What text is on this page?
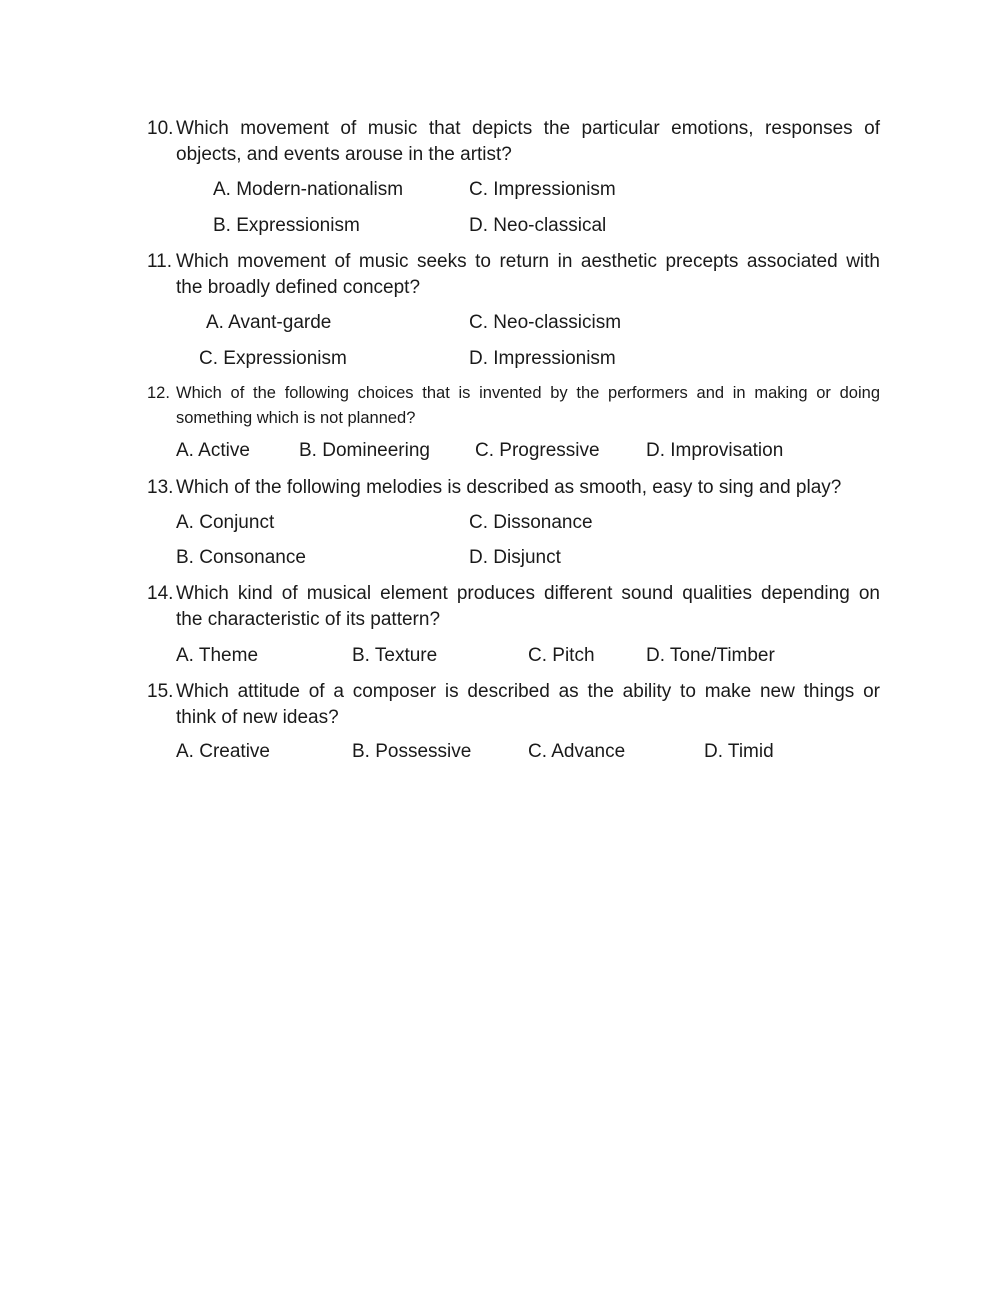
10. Which movement of music that depicts the particular emotions, responses of
objects, and events arouse in the artist?
A. Modern-nationalism	C. Impressionism
B. Expressionism	D. Neo-classical
11. Which movement of music seeks to return in aesthetic precepts associated with
the broadly defined concept?
A. Avant-garde	C. Neo-classicism
C. Expressionism	D. Impressionism
12. Which of the following choices that is invented by the performers and in making or doing
something which is not planned?
A. Active	B. Domineering C. Progressive D. Improvisation
13. Which of the following melodies is described as smooth, easy to sing and play?
A. Conjunct	C. Dissonance
B. Consonance	D. Disjunct
14. Which kind of musical element produces different sound qualities depending on
the characteristic of its pattern?
A. Theme	B. Texture	C. Pitch	D. Tone/Timber
15. Which attitude of a composer is described as the ability to make new things or
think of new ideas?
A. Creative	B. Possessive	C. Advance	D. Timid
